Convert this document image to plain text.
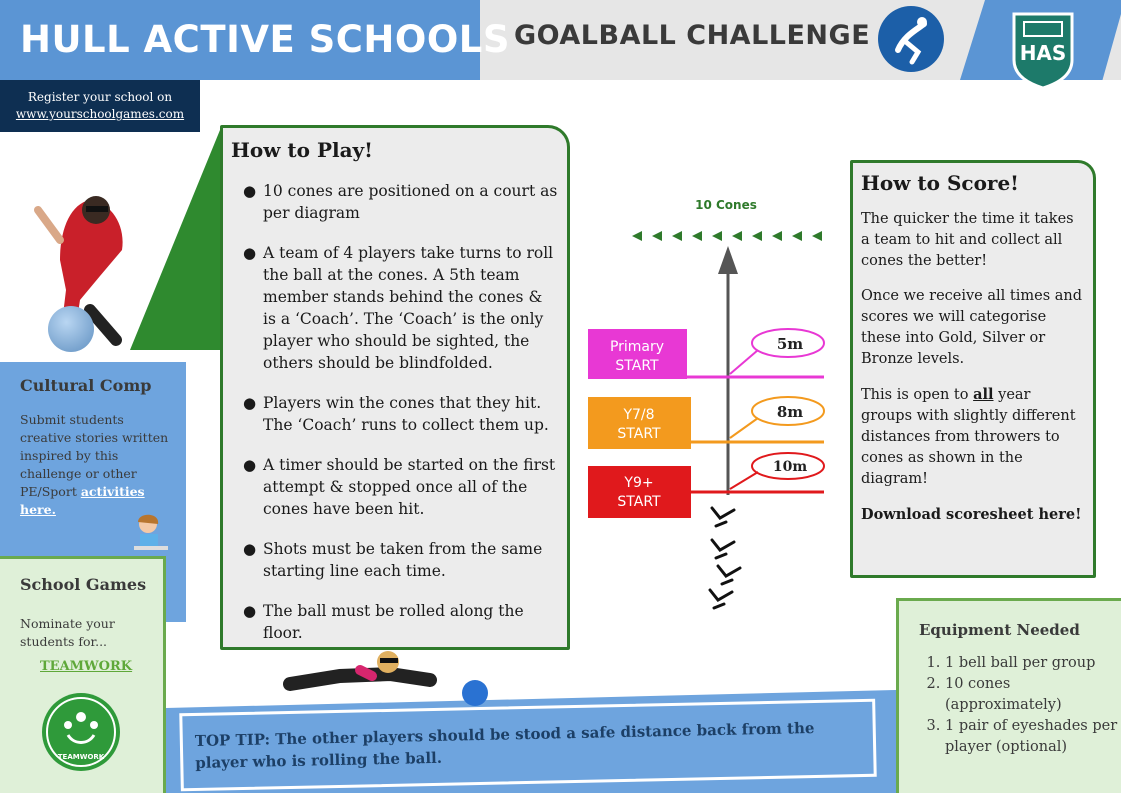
HULL ACTIVE SCHOOLS GOALBALL CHALLENGE
HAS
Register your school on
www.yourschoolgames.com
How to Play!
● 10 cones are positioned on a court as per diagram
● A team of 4 players take turns to roll the ball at the cones. A 5th team member stands behind the cones & is a ‘Coach’. The ‘Coach’ is the only player who should be sighted, the others should be blindfolded.
● Players win the cones that they hit. The ‘Coach’ runs to collect them up.
● A timer should be started on the first attempt & stopped once all of the cones have been hit.
● Shots must be taken from the same starting line each time.
● The ball must be rolled along the floor.
Cultural Comp
Submit students creative stories written inspired by this challenge or other PE/Sport activities here.
School Games
Nominate your students for...
TEAMWORK
TEAMWORK
10 Cones
Primary
START
5m
Y7/8
START
8m
Y9+
START
10m
How to Score!

The quicker the time it takes a team to hit and collect all cones the better!

Once we receive all times and scores we will categorise these into Gold, Silver or Bronze levels.

This is open to all year groups with slightly different distances from throwers to cones as shown in the diagram!

Download scoresheet here!

Equipment Needed
1. 1 bell ball per group
2. 10 cones (approximately)
3. 1 pair of eyeshades per player (optional)
TOP TIP: The other players should be stood a safe distance back from the player who is rolling the ball.
